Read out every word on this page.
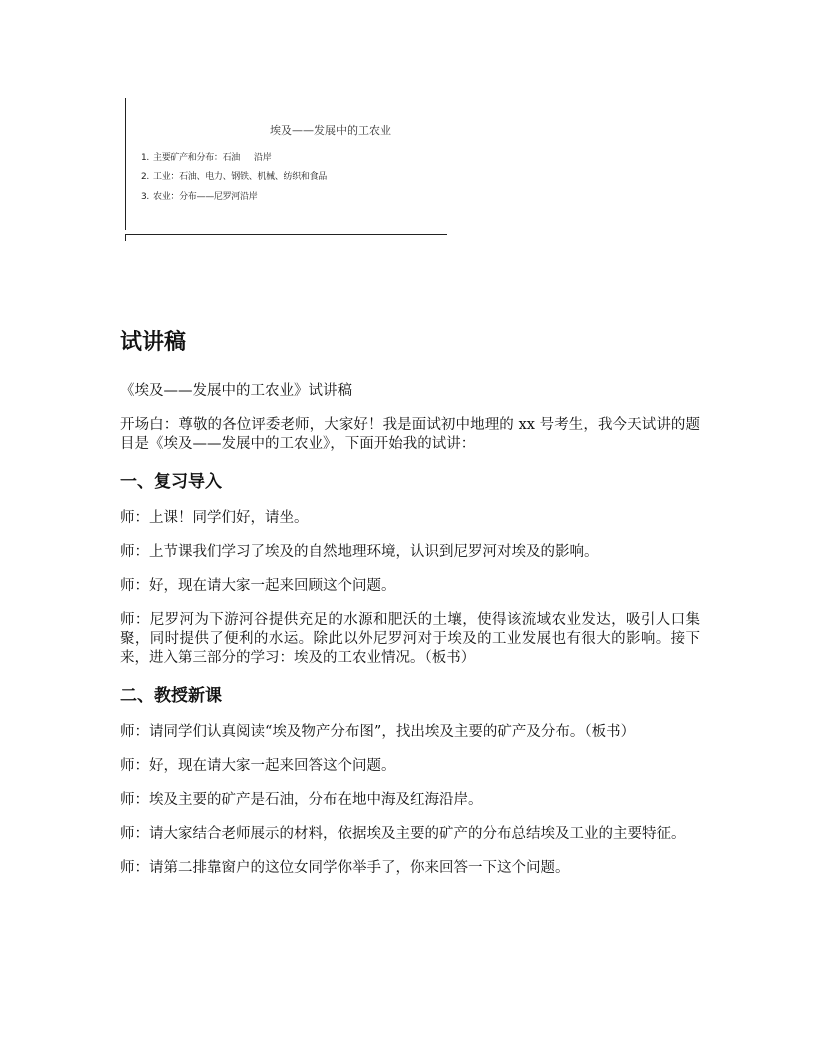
埃及——发展中的工农业
1. 主要矿产和分布：石油 沿岸
2. 工业：石油、电力、钢铁、机械、纺织和食品
3. 农业：分布——尼罗河沿岸
试讲稿

《埃及——发展中的工农业》试讲稿

开场白：尊敬的各位评委老师，大家好！我是面试初中地理的 xx 号考生，我今天试讲的题目是《埃及——发展中的工农业》，下面开始我的试讲：

一、复习导入

师：上课！同学们好，请坐。

师：上节课我们学习了埃及的自然地理环境，认识到尼罗河对埃及的影响。

师：好，现在请大家一起来回顾这个问题。

师：尼罗河为下游河谷提供充足的水源和肥沃的土壤，使得该流域农业发达，吸引人口集聚，同时提供了便利的水运。除此以外尼罗河对于埃及的工业发展也有很大的影响。接下来，进入第三部分的学习：埃及的工农业情况。（板书）

二、教授新课

师：请同学们认真阅读“埃及物产分布图”，找出埃及主要的矿产及分布。（板书）

师：好，现在请大家一起来回答这个问题。

师：埃及主要的矿产是石油，分布在地中海及红海沿岸。

师：请大家结合老师展示的材料，依据埃及主要的矿产的分布总结埃及工业的主要特征。

师：请第二排靠窗户的这位女同学你举手了，你来回答一下这个问题。
